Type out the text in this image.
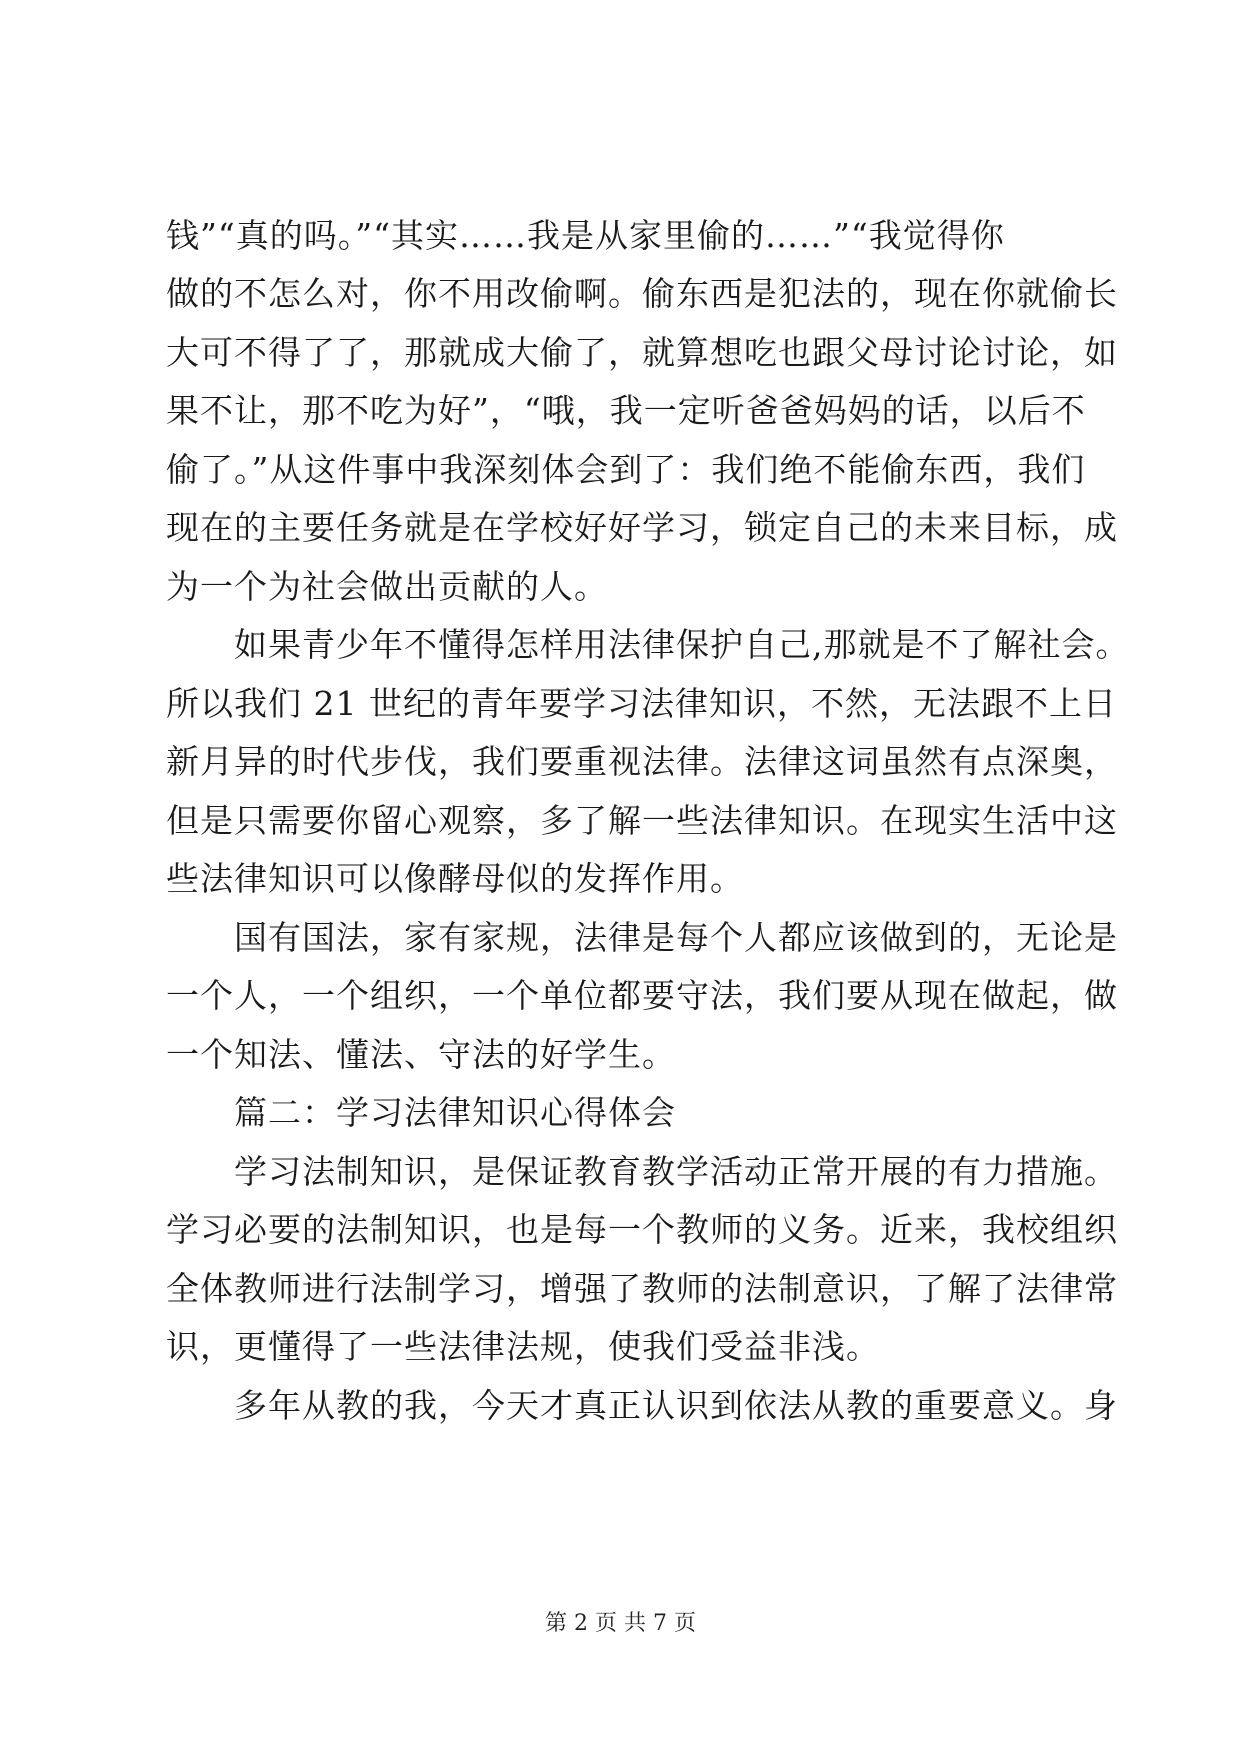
钱”“真的吗。”“其实……我是从家里偷的……”“我觉得你
做的不怎么对，你不用改偷啊。偷东西是犯法的，现在你就偷长
大可不得了了，那就成大偷了，就算想吃也跟父母讨论讨论，如
果不让，那不吃为好”，“哦，我一定听爸爸妈妈的话，以后不
偷了。”从这件事中我深刻体会到了：我们绝不能偷东西，我们
现在的主要任务就是在学校好好学习，锁定自己的未来目标，成
为一个为社会做出贡献的人。
　　如果青少年不懂得怎样用法律保护自己,那就是不了解社会。
所以我们 21 世纪的青年要学习法律知识，不然，无法跟不上日
新月异的时代步伐，我们要重视法律。法律这词虽然有点深奥，
但是只需要你留心观察，多了解一些法律知识。在现实生活中这
些法律知识可以像酵母似的发挥作用。
　　国有国法，家有家规，法律是每个人都应该做到的，无论是
一个人，一个组织，一个单位都要守法，我们要从现在做起，做
一个知法、懂法、守法的好学生。
　　篇二：学习法律知识心得体会
　　学习法制知识，是保证教育教学活动正常开展的有力措施。
学习必要的法制知识，也是每一个教师的义务。近来，我校组织
全体教师进行法制学习，增强了教师的法制意识，了解了法律常
识，更懂得了一些法律法规，使我们受益非浅。
　　多年从教的我，今天才真正认识到依法从教的重要意义。身
第 2 页 共 7 页
